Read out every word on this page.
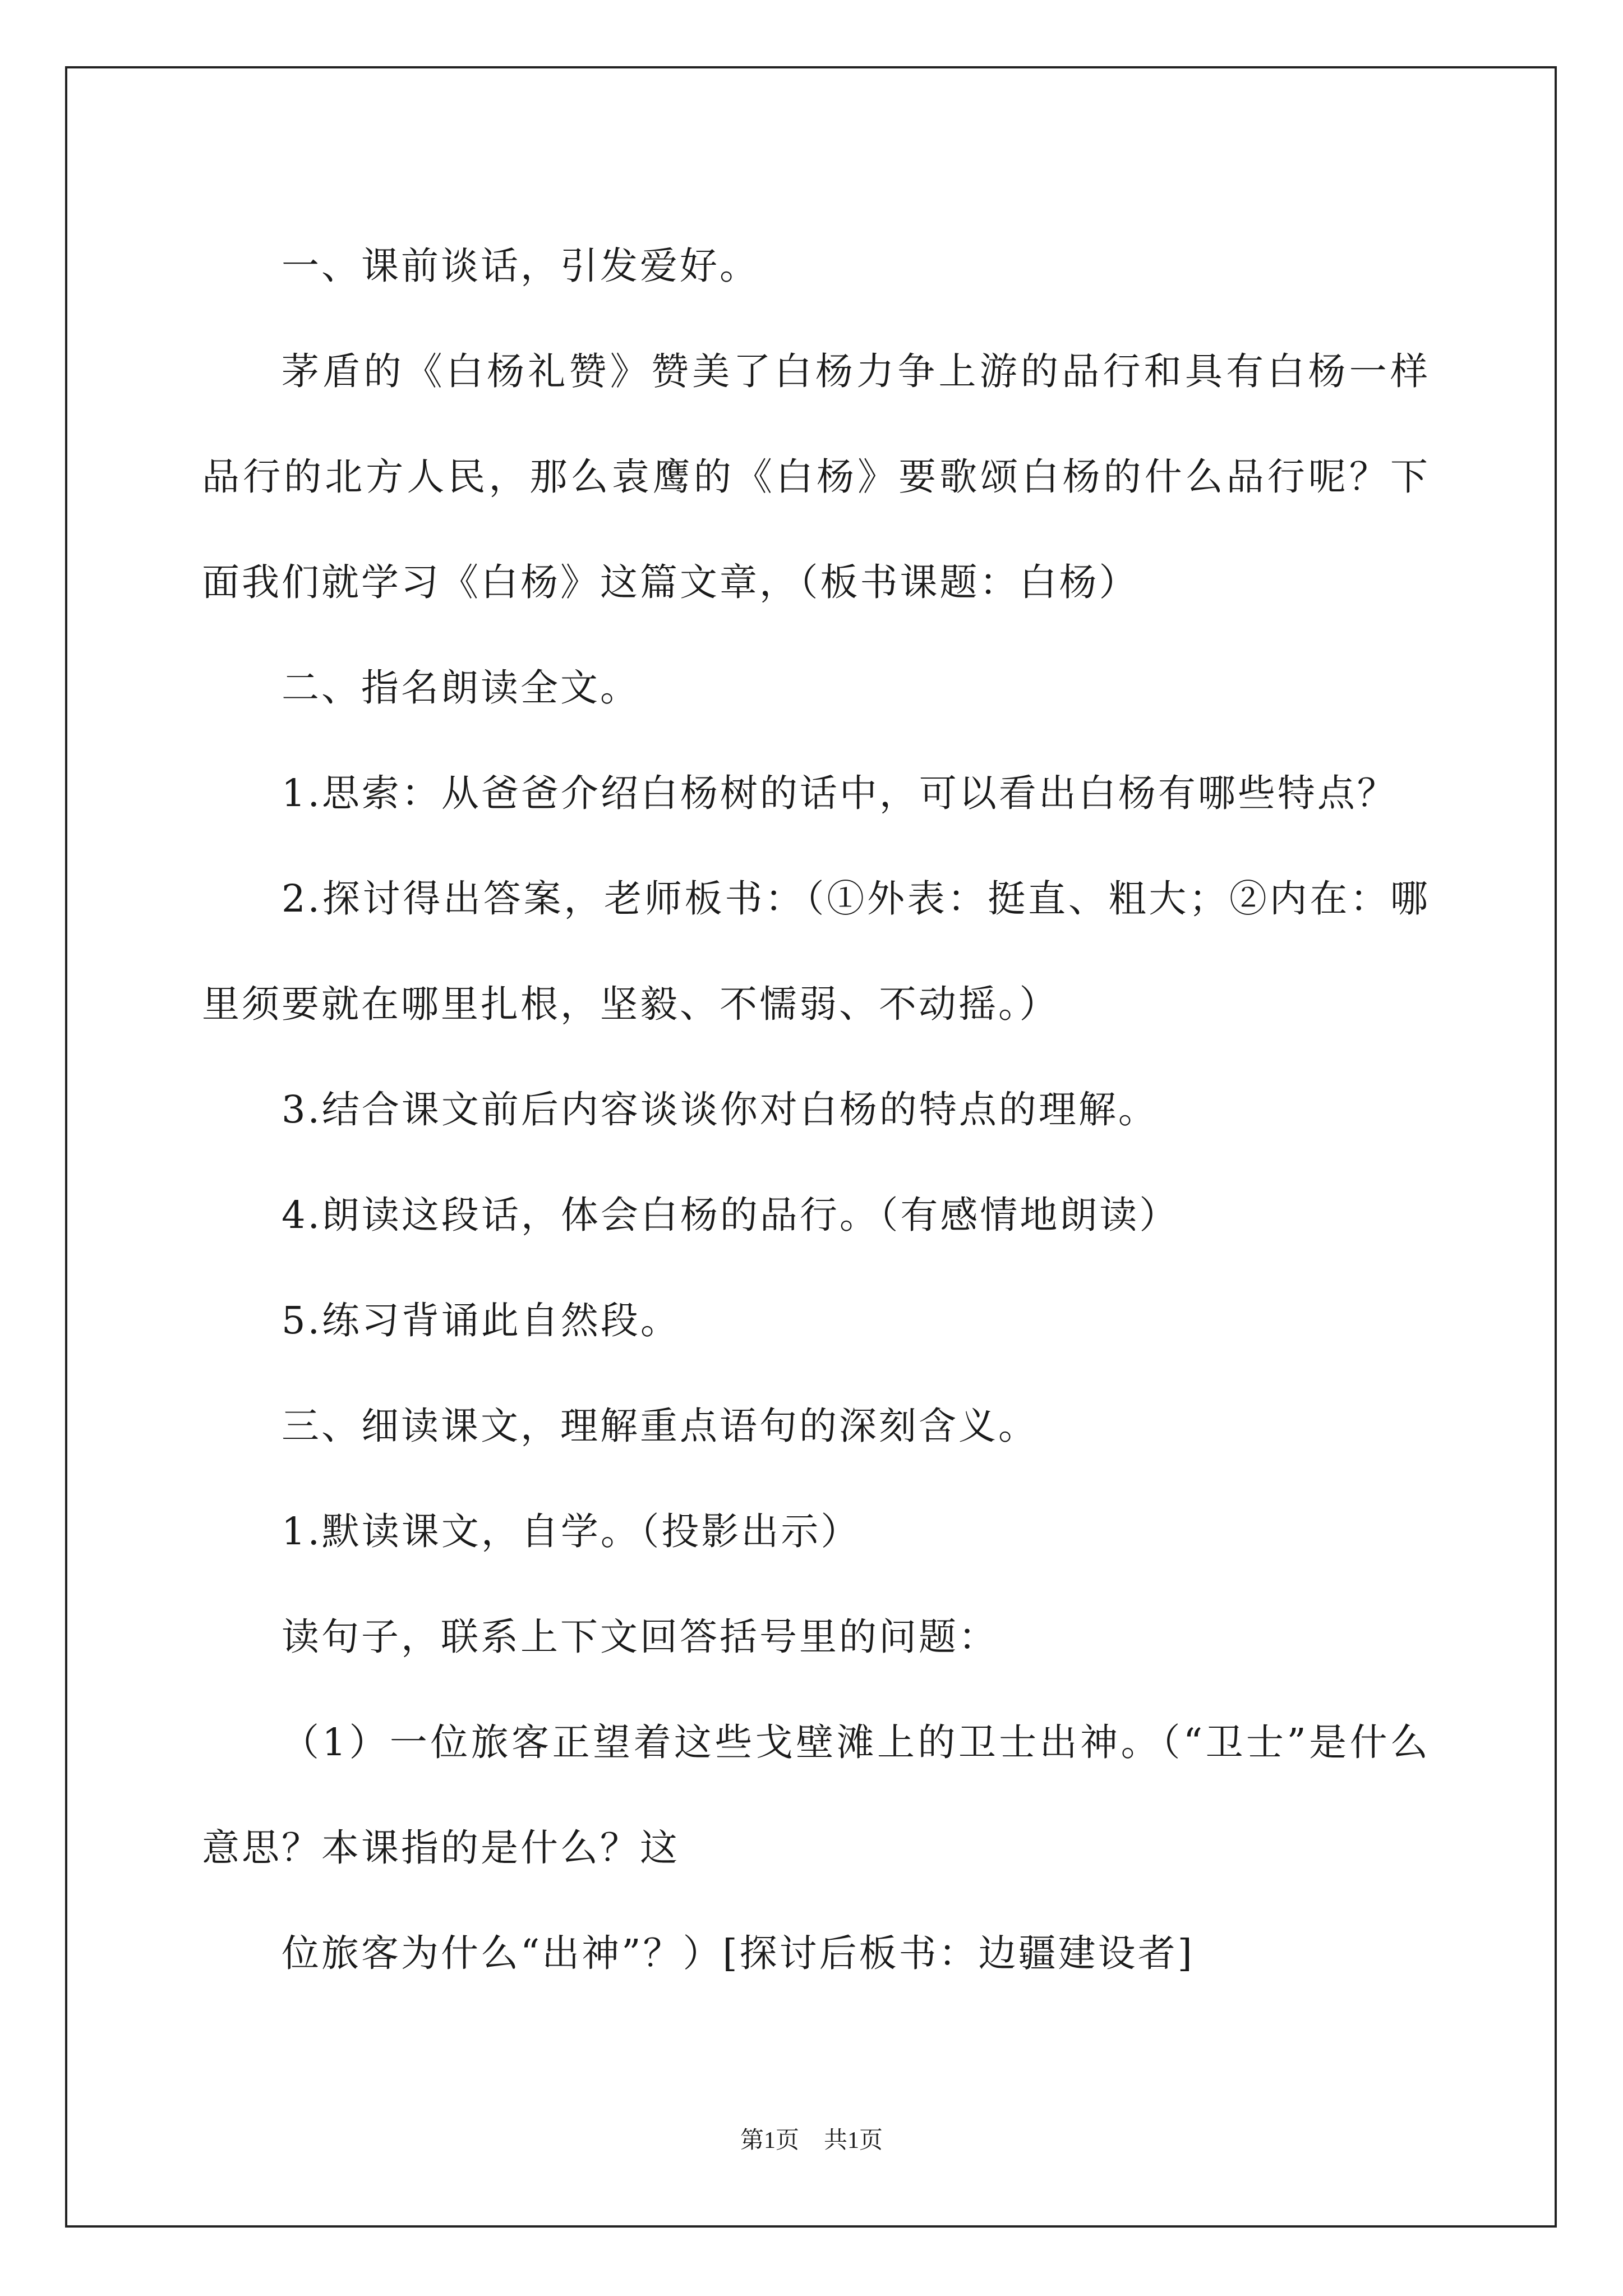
一、课前谈话，引发爱好。

茅盾的《白杨礼赞》赞美了白杨力争上游的品行和具有白杨一样品行的北方人民，那么袁鹰的《白杨》要歌颂白杨的什么品行呢？下面我们就学习《白杨》这篇文章，（板书课题：白杨）

二、指名朗读全文。

1.思索：从爸爸介绍白杨树的话中，可以看出白杨有哪些特点？

2.探讨得出答案，老师板书：（①外表：挺直、粗大；②内在：哪里须要就在哪里扎根，坚毅、不懦弱、不动摇。）

3.结合课文前后内容谈谈你对白杨的特点的理解。

4.朗读这段话，体会白杨的品行。（有感情地朗读）

5.练习背诵此自然段。

三、细读课文，理解重点语句的深刻含义。

1.默读课文，自学。（投影出示）

读句子，联系上下文回答括号里的问题：

（1）一位旅客正望着这些戈壁滩上的卫士出神。（“卫士”是什么意思？本课指的是什么？这

位旅客为什么“出神”？）[探讨后板书：边疆建设者]

第1页 共1页
